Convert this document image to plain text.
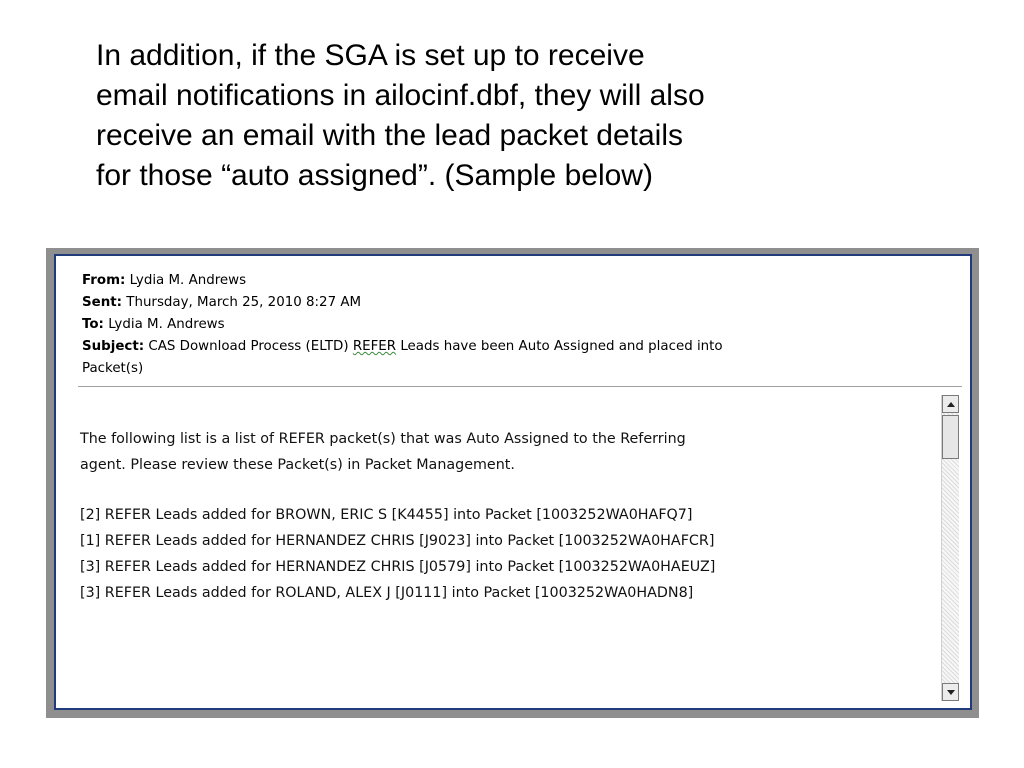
In addition, if the SGA is set up to receive
email notifications in ailocinf.dbf, they will also
receive an email with the lead packet details
for those “auto assigned”. (Sample below)
From: Lydia M. Andrews
Sent: Thursday, March 25, 2010 8:27 AM
To: Lydia M. Andrews
Subject: CAS Download Process (ELTD) REFER Leads have been Auto Assigned and placed into
Packet(s)
The following list is a list of REFER packet(s) that was Auto Assigned to the Referring
agent. Please review these Packet(s) in Packet Management.
[2] REFER Leads added for BROWN, ERIC S [K4455] into Packet [1003252WA0HAFQ7]
[1] REFER Leads added for HERNANDEZ CHRIS [J9023] into Packet [1003252WA0HAFCR]
[3] REFER Leads added for HERNANDEZ CHRIS [J0579] into Packet [1003252WA0HAEUZ]
[3] REFER Leads added for ROLAND, ALEX J [J0111] into Packet [1003252WA0HADN8]
